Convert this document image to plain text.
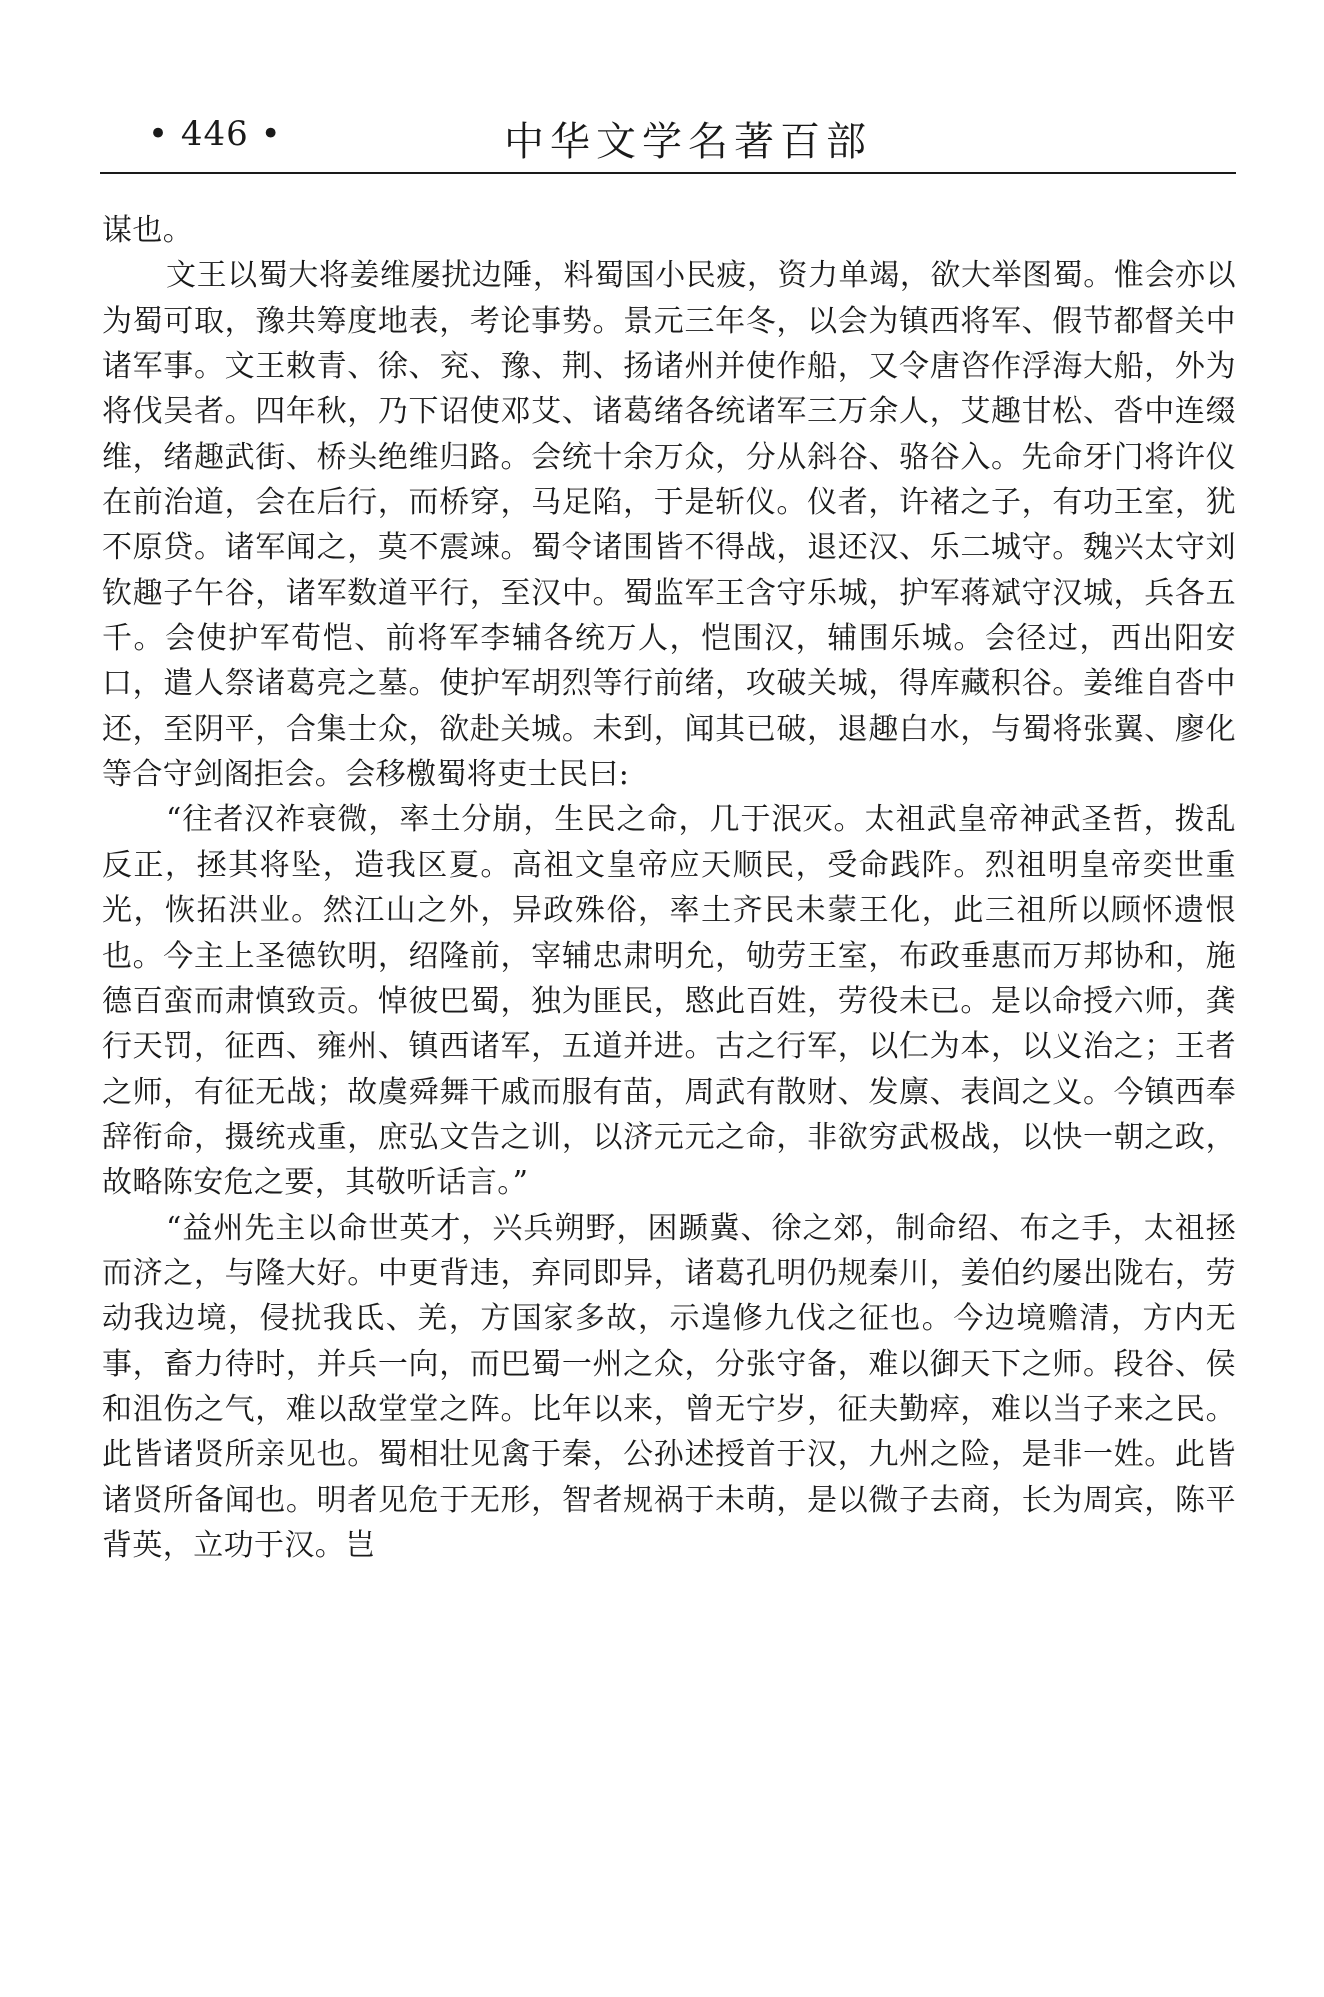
• 446 •	中华文学名著百部

谋也。

文王以蜀大将姜维屡扰边陲，料蜀国小民疲，资力单竭，欲大举图蜀。惟会亦以为蜀可取，豫共筹度地表，考论事势。景元三年冬，以会为镇西将军、假节都督关中诸军事。文王敕青、徐、兖、豫、荆、扬诸州并使作船，又令唐咨作浮海大船，外为将伐吴者。四年秋，乃下诏使邓艾、诸葛绪各统诸军三万余人，艾趣甘松、沓中连缀维，绪趣武街、桥头绝维归路。会统十余万众，分从斜谷、骆谷入。先命牙门将许仪在前治道，会在后行，而桥穿，马足陷，于是斩仪。仪者，许褚之子，有功王室，犹不原贷。诸军闻之，莫不震竦。蜀令诸围皆不得战，退还汉、乐二城守。魏兴太守刘钦趣子午谷，诸军数道平行，至汉中。蜀监军王含守乐城，护军蒋斌守汉城，兵各五千。会使护军荀恺、前将军李辅各统万人，恺围汉，辅围乐城。会径过，西出阳安口，遣人祭诸葛亮之墓。使护军胡烈等行前绪，攻破关城，得库藏积谷。姜维自沓中还，至阴平，合集士众，欲赴关城。未到，闻其已破，退趣白水，与蜀将张翼、廖化等合守剑阁拒会。会移檄蜀将吏士民曰:

“往者汉祚衰微，率土分崩，生民之命，几于泯灭。太祖武皇帝神武圣哲，拨乱反正，拯其将坠，造我区夏。高祖文皇帝应天顺民，受命践阼。烈祖明皇帝奕世重光，恢拓洪业。然江山之外，异政殊俗，率土齐民未蒙王化，此三祖所以顾怀遗恨也。今主上圣德钦明，绍隆前，宰辅忠肃明允，劬劳王室，布政垂惠而万邦协和，施德百蛮而肃慎致贡。悼彼巴蜀，独为匪民，愍此百姓，劳役未已。是以命授六师，龚行天罚，征西、雍州、镇西诸军，五道并进。古之行军，以仁为本，以义治之；王者之师，有征无战；故虞舜舞干戚而服有苗，周武有散财、发廪、表闾之义。今镇西奉辞衔命，摄统戎重，庶弘文告之训，以济元元之命，非欲穷武极战，以快一朝之政，故略陈安危之要，其敬听话言。”

“益州先主以命世英才，兴兵朔野，困踬冀、徐之郊，制命绍、布之手，太祖拯而济之，与隆大好。中更背违，弃同即异，诸葛孔明仍规秦川，姜伯约屡出陇右，劳动我边境，侵扰我氐、羌，方国家多故，示遑修九伐之征也。今边境赡清，方内无事，畜力待时，并兵一向，而巴蜀一州之众，分张守备，难以御天下之师。段谷、侯和沮伤之气，难以敌堂堂之阵。比年以来，曾无宁岁，征夫勤瘁，难以当子来之民。此皆诸贤所亲见也。蜀相壮见禽于秦，公孙述授首于汉，九州之险，是非一姓。此皆诸贤所备闻也。明者见危于无形，智者规祸于未萌，是以微子去商，长为周宾，陈平背英，立功于汉。岂
